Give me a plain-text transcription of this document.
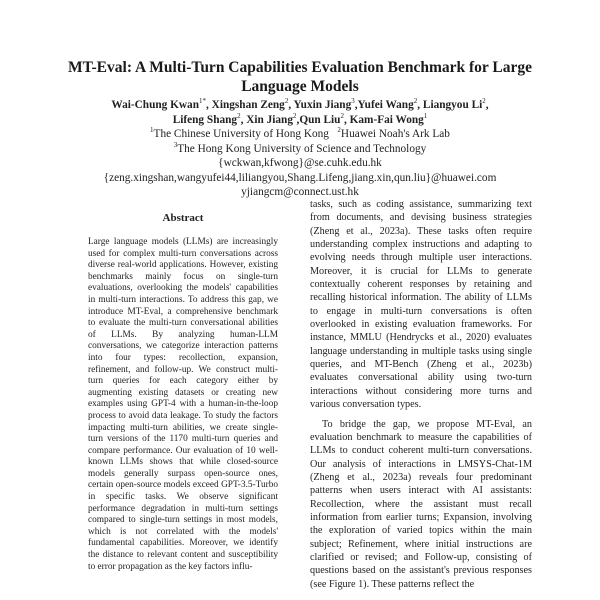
MT-Eval: A Multi-Turn Capabilities Evaluation Benchmark for Large Language Models
Wai-Chung Kwan$^{1*}$, Xingshan Zeng$^2$, Yuxin Jiang$^3$,Yufei Wang$^2$, Liangyou Li$^2$,
Lifeng Shang$^2$, Xin Jiang$^2$,Qun Liu$^2$, Kam-Fai Wong$^1$
$^1$The Chinese University of Hong Kong $^2$Huawei Noah's Ark Lab
$^3$The Hong Kong University of Science and Technology
{wckwan,kfwong}@se.cuhk.edu.hk
{zeng.xingshan,wangyufei44,liliangyou,Shang.Lifeng,jiang.xin,qun.liu}@huawei.com
yjiangcm@connect.ust.hk
Abstract
Large language models (LLMs) are increasingly used for complex multi-turn conversations across diverse real-world applications. However, existing benchmarks mainly focus on single-turn evaluations, overlooking the models' capabilities in multi-turn interactions. To address this gap, we introduce MT-Eval, a comprehensive benchmark to evaluate the multi-turn conversational abilities of LLMs. By analyzing human-LLM conversations, we categorize interaction patterns into four types: recollection, expansion, refinement, and follow-up. We construct multi-turn queries for each category either by augmenting existing datasets or creating new examples using GPT-4 with a human-in-the-loop process to avoid data leakage. To study the factors impacting multi-turn abilities, we create single-turn versions of the 1170 multi-turn queries and compare performance. Our evaluation of 10 well-known LLMs shows that while closed-source models generally surpass open-source ones, certain open-source models exceed GPT-3.5-Turbo in specific tasks. We observe significant performance degradation in multi-turn settings compared to single-turn settings in most models, which is not correlated with the models' fundamental capabilities. Moreover, we identify the distance to relevant content and susceptibility to error propagation as the key factors influ-

tasks, such as coding assistance, summarizing text from documents, and devising business strategies (Zheng et al., 2023a). These tasks often require understanding complex instructions and adapting to evolving needs through multiple user interactions. Moreover, it is crucial for LLMs to generate contextually coherent responses by retaining and recalling historical information. The ability of LLMs to engage in multi-turn conversations is often overlooked in existing evaluation frameworks. For instance, MMLU (Hendrycks et al., 2020) evaluates language understanding in multiple tasks using single queries, and MT-Bench (Zheng et al., 2023b) evaluates conversational ability using two-turn interactions without considering more turns and various conversation types.

To bridge the gap, we propose MT-Eval, an evaluation benchmark to measure the capabilities of LLMs to conduct coherent multi-turn conversations. Our analysis of interactions in LMSYS-Chat-1M (Zheng et al., 2023a) reveals four predominant patterns when users interact with AI assistants: Recollection, where the assistant must recall information from earlier turns; Expansion, involving the exploration of varied topics within the main subject; Refinement, where initial instructions are clarified or revised; and Follow-up, consisting of questions based on the assistant's previous responses (see Figure 1). These patterns reflect the
